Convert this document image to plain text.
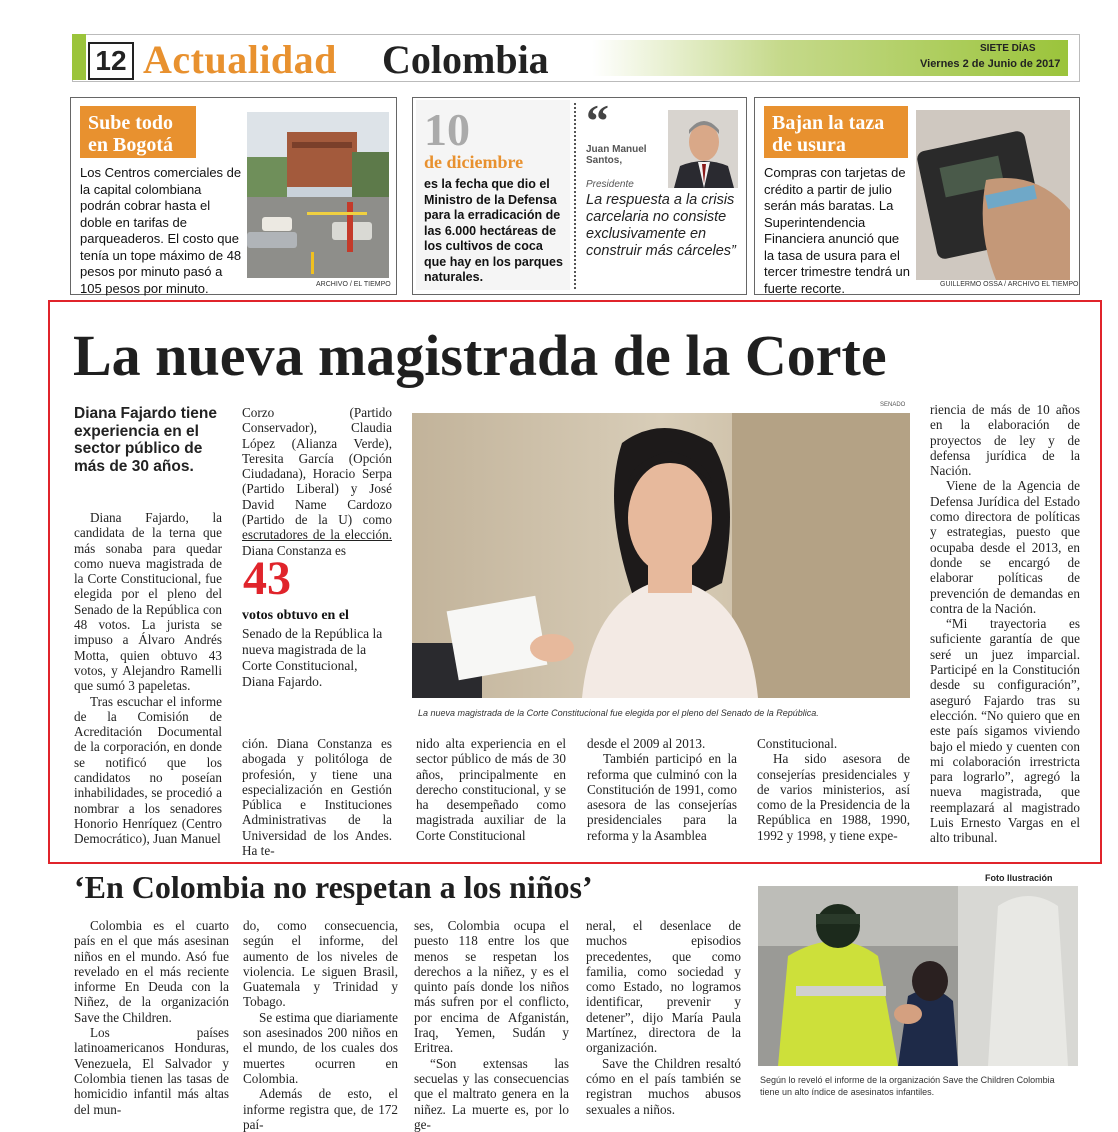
12 Actualidad Colombia	SIETE DÍAS
Viernes 2 de Junio de 2017
Sube todo
en Bogotá
Los Centros comerciales de la capital colombiana podrán cobrar hasta el doble en tarifas de parqueaderos. El costo que tenía un tope máximo de 48 pesos por minuto pasó a 105 pesos por minuto.	ARCHIVO / EL TIEMPO
10
de diciembre
es la fecha que dio el Ministro de la Defensa para la erradicación de las 6.000 hectáreas de los cultivos de coca que hay en los parques naturales.
“
Juan Manuel Santos,
Presidente
La respuesta a la crisis carcelaria no consiste exclusivamente en construir más cárceles”
Bajan la taza
de usura
Compras con tarjetas de crédito a partir de julio serán más baratas. La Superintendencia Financiera anunció que la tasa de usura para el tercer trimestre tendrá un fuerte recorte.	GUILLERMO OSSA / ARCHIVO EL TIEMPO
La nueva magistrada de la Corte
Diana Fajardo tiene experiencia en el sector público de más de 30 años.

Diana Fajardo, la candidata de la terna que más sonaba para quedar como nueva magistrada de la Corte Constitucional, fue elegida por el pleno del Senado de la República con 48 votos. La jurista se impuso a Álvaro Andrés Motta, quien obtuvo 43 votos, y Alejandro Ramelli que sumó 3 papeletas.

Tras escuchar el informe de la Comisión de Acreditación Documental de la corporación, en donde se notificó que los candidatos no poseían inhabilidades, se procedió a nombrar a los senadores Honorio Henríquez (Centro Democrático), Juan Manuel

Corzo (Partido Conservador), Claudia López (Alianza Verde), Teresita García (Opción Ciudadana), Horacio Serpa (Partido Liberal) y José David Name Cardozo (Partido de la U) como escrutadores de la elección. Diana Constanza es

43
votos obtuvo en el
Senado de la República la nueva magistrada de la Corte Constitucional, Diana Fajardo.
SENADO
La nueva magistrada de la Corte Constitucional fue elegida por el pleno del Senado de la República.

ción. Diana Constanza es abogada y politóloga de profesión, y tiene una especialización en Gestión Pública e Instituciones Administrativas de la Universidad de los Andes. Ha te-

nido alta experiencia en el sector público de más de 30 años, principalmente en derecho constitucional, y se ha desempeñado como magistrada auxiliar de la Corte Constitucional

desde el 2009 al 2013.

También participó en la reforma que culminó con la Constitución de 1991, como asesora de las consejerías presidenciales para la reforma y la Asamblea

Constitucional.

Ha sido asesora de consejerías presidenciales y de varios ministerios, así como de la Presidencia de la República en 1988, 1990, 1992 y 1998, y tiene expe-

riencia de más de 10 años en la elaboración de proyectos de ley y de defensa jurídica de la Nación.

Viene de la Agencia de Defensa Jurídica del Estado como directora de políticas y estrategias, puesto que ocupaba desde el 2013, en donde se encargó de elaborar políticas de prevención de demandas en contra de la Nación.

“Mi trayectoria es suficiente garantía de que seré un juez imparcial. Participé en la Constitución desde su configuración”, aseguró Fajardo tras su elección. “No quiero que en este país sigamos viviendo bajo el miedo y cuenten con mi colaboración irrestricta para lograrlo”, agregó la nueva magistrada, que reemplazará al magistrado Luis Ernesto Vargas en el alto tribunal.

‘En Colombia no respetan a los niños’

Colombia es el cuarto país en el que más asesinan niños en el mundo. Asó fue revelado en el más reciente informe En Deuda con la Niñez, de la organización Save the Children.

Los países latinoamericanos Honduras, Venezuela, El Salvador y Colombia tienen las tasas de homicidio infantil más altas del mun-

do, como consecuencia, según el informe, del aumento de los niveles de violencia. Le siguen Brasil, Guatemala y Trinidad y Tobago.

Se estima que diariamente son asesinados 200 niños en el mundo, de los cuales dos muertes ocurren en Colombia.

Además de esto, el informe registra que, de 172 paí-

ses, Colombia ocupa el puesto 118 entre los que menos se respetan los derechos a la niñez, y es el quinto país donde los niños más sufren por el conflicto, por encima de Afganistán, Iraq, Yemen, Sudán y Eritrea.

“Son extensas las secuelas y las consecuencias que el maltrato genera en la niñez. La muerte es, por lo ge-

neral, el desenlace de muchos episodios precedentes, que como familia, como sociedad y como Estado, no logramos identificar, prevenir y detener”, dijo María Paula Martínez, directora de la organización.

Save the Children resaltó cómo en el país también se registran muchos abusos sexuales a niños.

Foto Ilustración
Según lo reveló el informe de la organización Save the Children Colombia tiene un alto índice de asesinatos infantiles.
